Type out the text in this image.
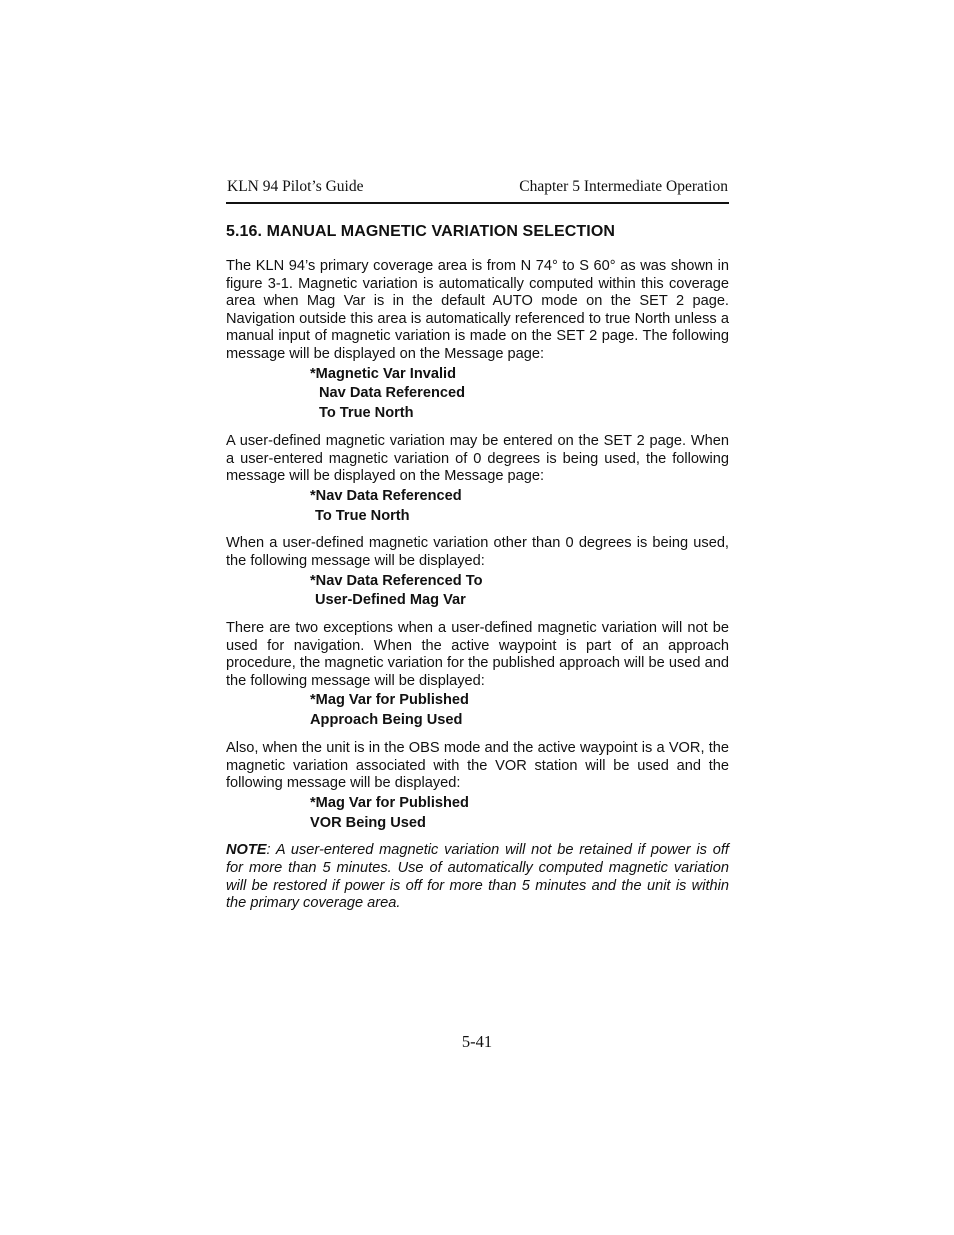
KLN 94 Pilot’s Guide	Chapter 5 Intermediate Operation
5.16. MANUAL MAGNETIC VARIATION SELECTION

The KLN 94’s primary coverage area is from N 74° to S 60° as was shown in figure 3-1. Magnetic variation is automatically computed within this coverage area when Mag Var is in the default AUTO mode on the SET 2 page. Navigation outside this area is automatically referenced to true North unless a manual input of magnetic variation is made on the SET 2 page. The following message will be displayed on the Message page:

*Magnetic Var Invalid
Nav Data Referenced
To True North

A user-defined magnetic variation may be entered on the SET 2 page. When a user-entered magnetic variation of 0 degrees is being used, the following message will be displayed on the Message page:

*Nav Data Referenced
To True North

When a user-defined magnetic variation other than 0 degrees is being used, the following message will be displayed:

*Nav Data Referenced To
User-Defined Mag Var

There are two exceptions when a user-defined magnetic variation will not be used for navigation. When the active waypoint is part of an approach procedure, the magnetic variation for the published approach will be used and the following message will be displayed:

*Mag Var for Published
Approach Being Used

Also, when the unit is in the OBS mode and the active waypoint is a VOR, the magnetic variation associated with the VOR station will be used and the following message will be displayed:

*Mag Var for Published
VOR Being Used

NOTE: A user-entered magnetic variation will not be retained if power is off for more than 5 minutes. Use of automatically computed magnetic variation will be restored if power is off for more than 5 minutes and the unit is within the primary coverage area.

5-41
